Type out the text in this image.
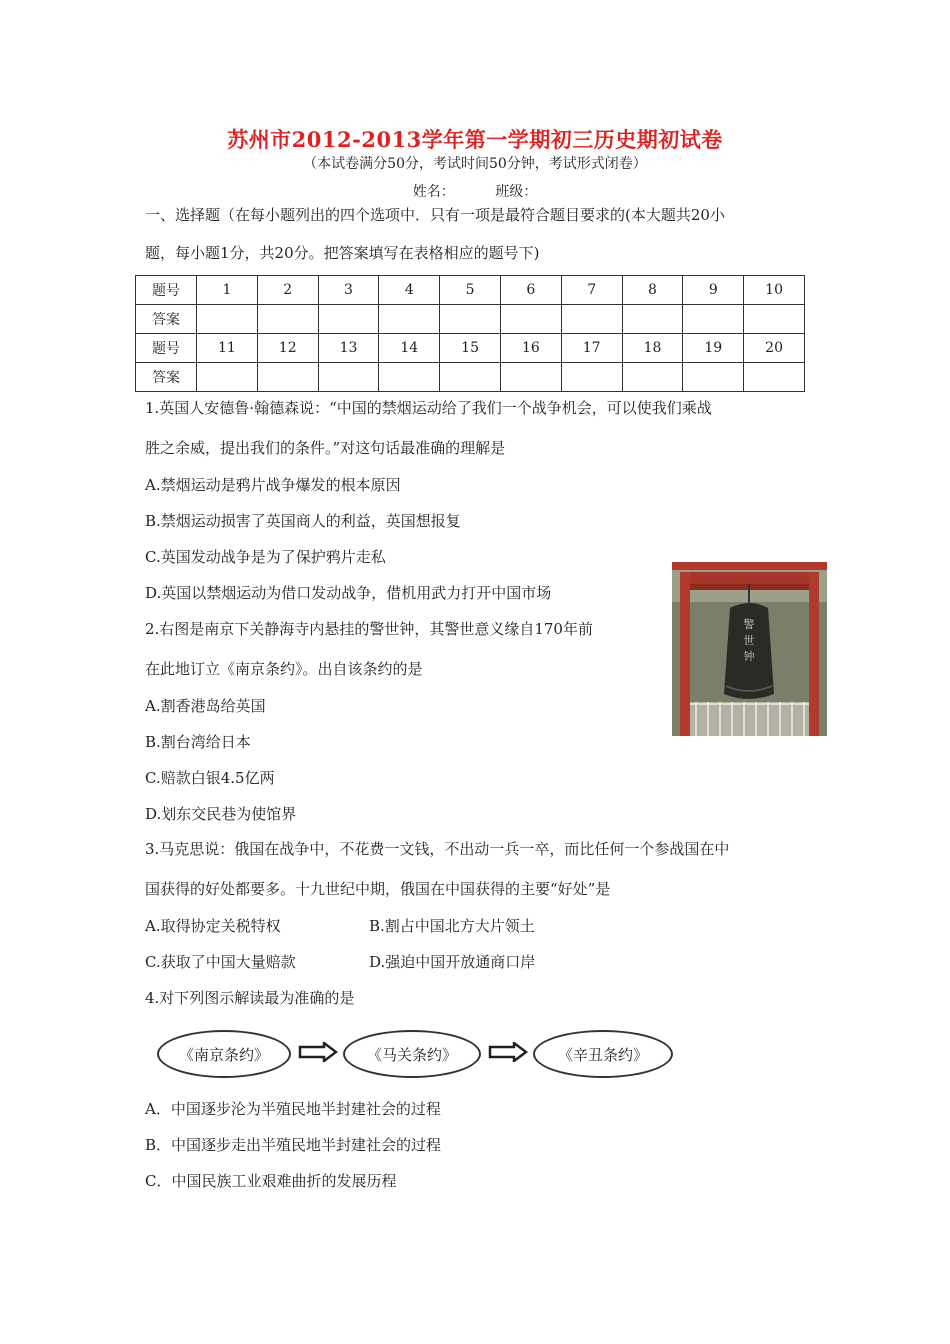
苏州市2012-2013学年第一学期初三历史期初试卷
（本试卷满分50分，考试时间50分钟，考试形式闭卷）
姓名：	班级：
一、选择题（在每小题列出的四个选项中．只有一项是最符合题目要求的(本大题共20小
题，每小题1分，共20分。把答案填写在表格相应的题号下)
题号	1	2	3	4	5	6	7	8	9	10
答案										
题号	11	12	13	14	15	16	17	18	19	20
答案										
1.英国人安德鲁·翰德森说：“中国的禁烟运动给了我们一个战争机会，可以使我们乘战
胜之余威，提出我们的条件。”对这句话最准确的理解是
A.禁烟运动是鸦片战争爆发的根本原因
B.禁烟运动损害了英国商人的利益，英国想报复
C.英国发动战争是为了保护鸦片走私
D.英国以禁烟运动为借口发动战争，借机用武力打开中国市场
警
世
钟
2.右图是南京下关静海寺内悬挂的警世钟，其警世意义缘自170年前
在此地订立《南京条约》。出自该条约的是
A.割香港岛给英国
B.割台湾给日本
C.赔款白银4.5亿两
D.划东交民巷为使馆界
3.马克思说：俄国在战争中，不花费一文钱，不出动一兵一卒，而比任何一个参战国在中
国获得的好处都要多。十九世纪中期，俄国在中国获得的主要“好处”是
A.取得协定关税特权	B.割占中国北方大片领土
C.获取了中国大量赔款	D.强迫中国开放通商口岸
4.对下列图示解读最为准确的是
《南京条约》	《马关条约》	《辛丑条约》
A．中国逐步沦为半殖民地半封建社会的过程
B．中国逐步走出半殖民地半封建社会的过程
C．中国民族工业艰难曲折的发展历程
